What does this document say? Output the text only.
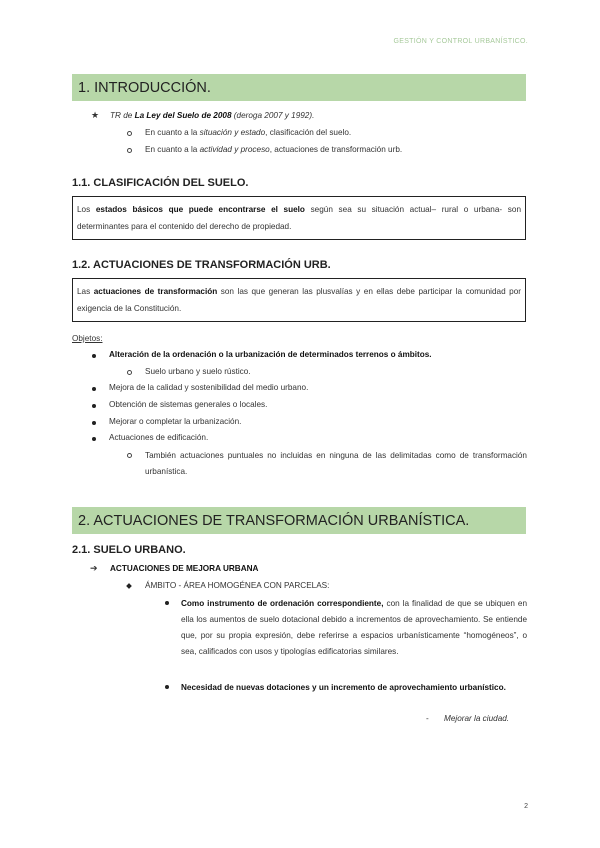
GESTIÓN Y CONTROL URBANÍSTICO.
1. INTRODUCCIÓN.
★ TR de La Ley del Suelo de 2008 (deroga 2007 y 1992).
En cuanto a la situación y estado, clasificación del suelo.
En cuanto a la actividad y proceso, actuaciones de transformación urb.
1.1. CLASIFICACIÓN DEL SUELO.
Los estados básicos que puede encontrarse el suelo según sea su situación actual– rural o urbana- son determinantes para el contenido del derecho de propiedad.
1.2. ACTUACIONES DE TRANSFORMACIÓN URB.
Las actuaciones de transformación son las que generan las plusvalías y en ellas debe participar la comunidad por exigencia de la Constitución.
Objetos:
Alteración de la ordenación o la urbanización de determinados terrenos o ámbitos.
Suelo urbano y suelo rústico.
Mejora de la calidad y sostenibilidad del medio urbano.
Obtención de sistemas generales o locales.
Mejorar o completar la urbanización.
Actuaciones de edificación.
También actuaciones puntuales no incluidas en ninguna de las delimitadas como de transformación urbanística.
2. ACTUACIONES DE TRANSFORMACIÓN URBANÍSTICA.
2.1. SUELO URBANO.
➔ ACTUACIONES DE MEJORA URBANA
ÁMBITO - ÁREA HOMOGÉNEA CON PARCELAS:
Como instrumento de ordenación correspondiente, con la finalidad de que se ubiquen en ella los aumentos de suelo dotacional debido a incrementos de aprovechamiento. Se entiende que, por su propia expresión, debe referirse a espacios urbanísticamente “homogéneos”, o sea, calificados con usos y tipologías edificatorias similares.
Necesidad de nuevas dotaciones y un incremento de aprovechamiento urbanístico.
- Mejorar la ciudad.
2
